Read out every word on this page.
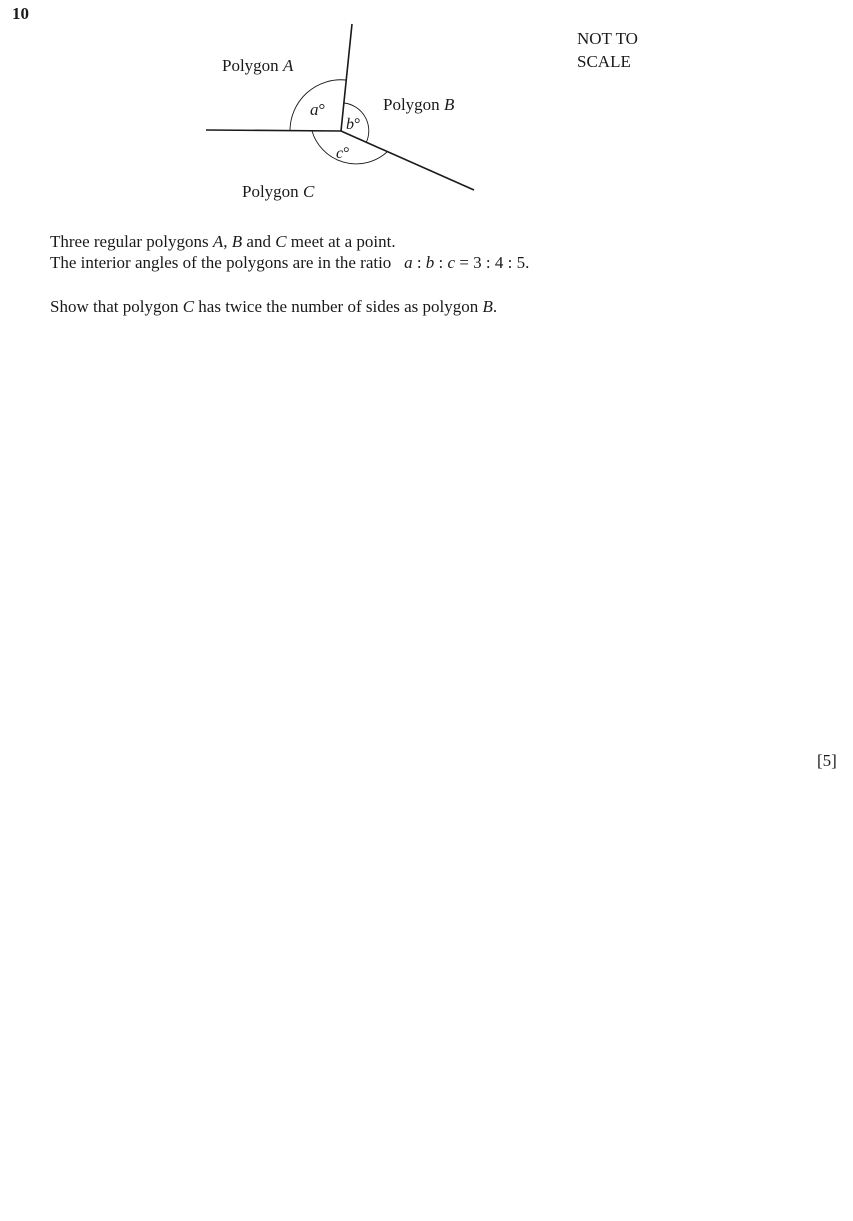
10
Polygon A
Polygon B
Polygon C
a°
b°
c°
NOT TO
SCALE
Three regular polygons A, B and C meet at a point.
The interior angles of the polygons are in the ratio   a : b : c = 3 : 4 : 5.
Show that polygon C has twice the number of sides as polygon B.
[5]
